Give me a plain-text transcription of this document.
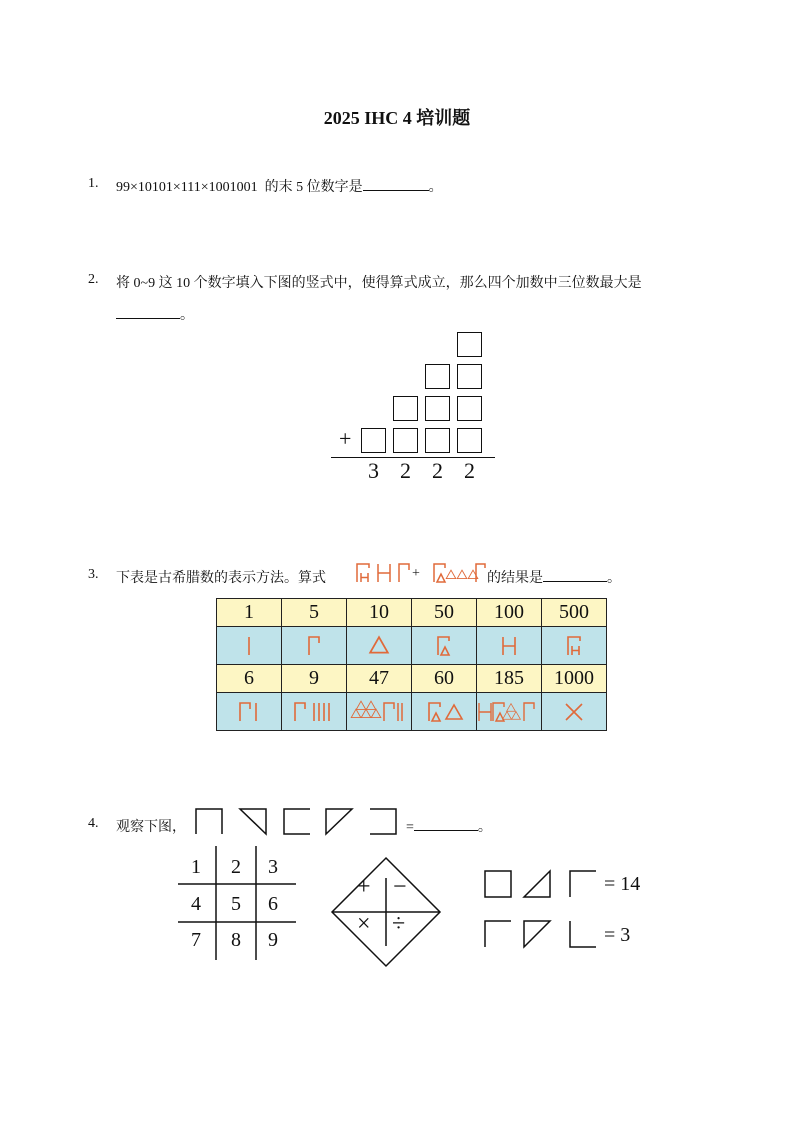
2025 IHC 4 培训题
1. 99×10101×111×1001001 的末 5 位数字是	。
2. 将 0~9 这 10 个数字填入下图的竖式中，使得算式成立，那么四个加数中三位数最大是
。
+
3 2 2 2
3. 下表是古希腊数的表示方法。算式	+	的结果是	。
1	5	10	50	100	500

6	9	47	60	185	1000

4. 观察下图，	=	。
1 2 3
4 5 6
7 8 9
+ −
× ÷
= 14
= 3
